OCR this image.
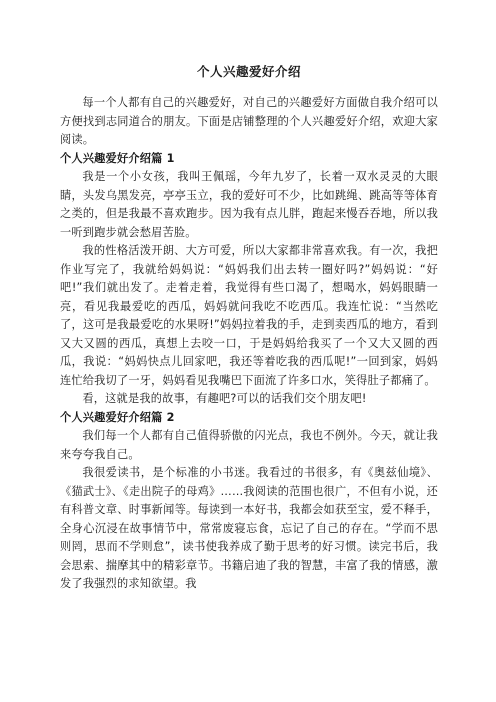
个人兴趣爱好介绍

每一个人都有自己的兴趣爱好，对自己的兴趣爱好方面做自我介绍可以方便找到志同道合的朋友。下面是店铺整理的个人兴趣爱好介绍，欢迎大家阅读。

个人兴趣爱好介绍篇 1

我是一个小女孩，我叫王佩瑶，今年九岁了，长着一双水灵灵的大眼睛，头发乌黑发亮，亭亭玉立，我的爱好可不少，比如跳绳、跳高等等体育之类的，但是我最不喜欢跑步。因为我有点儿胖，跑起来慢吞吞地，所以我一听到跑步就会愁眉苦脸。

我的性格活泼开朗、大方可爱，所以大家都非常喜欢我。有一次，我把作业写完了，我就给妈妈说：“妈妈我们出去转一圈好吗?”妈妈说：“好吧!”我们就出发了。走着走着，我觉得有些口渴了，想喝水，妈妈眼睛一亮，看见我最爱吃的西瓜，妈妈就问我吃不吃西瓜。我连忙说：“当然吃了，这可是我最爱吃的水果呀!”妈妈拉着我的手，走到卖西瓜的地方，看到又大又圆的西瓜，真想上去咬一口，于是妈妈给我买了一个又大又圆的西瓜，我说：“妈妈快点儿回家吧，我还等着吃我的西瓜呢!”一回到家，妈妈连忙给我切了一牙，妈妈看见我嘴巴下面流了许多口水，笑得肚子都痛了。

看，这就是我的故事，有趣吧?可以的话我们交个朋友吧!

个人兴趣爱好介绍篇 2

我们每一个人都有自己值得骄傲的闪光点，我也不例外。今天，就让我来夸夸我自己。

我很爱读书，是个标准的小书迷。我看过的书很多，有《奥兹仙境》、《猫武士》、《走出院子的母鸡》……我阅读的范围也很广，不但有小说，还有科普文章、时事新闻等。每读到一本好书，我都会如获至宝，爱不释手，全身心沉浸在故事情节中，常常废寝忘食，忘记了自己的存在。“学而不思则罔，思而不学则怠”，读书使我养成了勤于思考的好习惯。读完书后，我会思索、揣摩其中的精彩章节。书籍启迪了我的智慧，丰富了我的情感，激发了我强烈的求知欲望。我
